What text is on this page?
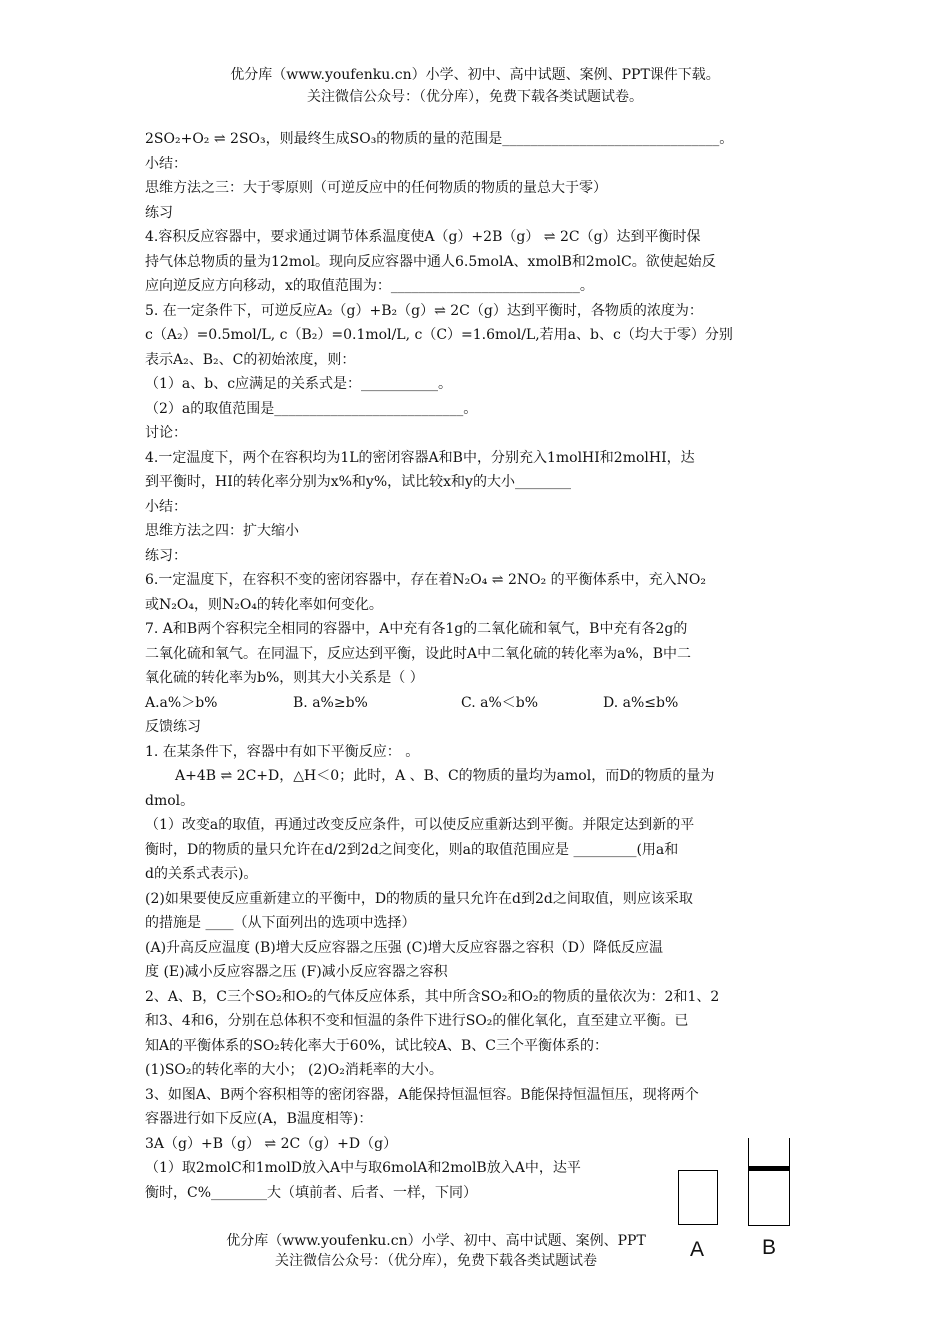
优分库（www.youfenku.cn）小学、初中、高中试题、案例、PPT课件下载。
关注微信公众号：（优分库），免费下载各类试题试卷。
2SO₂+O₂ ⇌ 2SO₃，则最终生成SO₃的物质的量的范围是_______________________________。
小结：
思维方法之三：大于零原则（可逆反应中的任何物质的物质的量总大于零）
练习
4.容积反应容器中，要求通过调节体系温度使A（g）+2B（g） ⇌ 2C（g）达到平衡时保
持气体总物质的量为12mol。现向反应容器中通人6.5molA、xmolB和2molC。欲使起始反
应向逆反应方向移动，x的取值范围为：___________________________。
5. 在一定条件下，可逆反应A₂（g）+B₂（g）⇌ 2C（g）达到平衡时，各物质的浓度为：
c（A₂）=0.5mol/L, c（B₂）=0.1mol/L, c（C）=1.6mol/L,若用a、b、c（均大于零）分别
表示A₂、B₂、C的初始浓度，则：
（1）a、b、c应满足的关系式是：___________。
（2）a的取值范围是___________________________。
讨论：
4.一定温度下，两个在容积均为1L的密闭容器A和B中，分别充入1molHI和2molHI，达
到平衡时，HI的转化率分别为x%和y%，试比较x和y的大小________
小结：
思维方法之四：扩大缩小
练习：
6.一定温度下，在容积不变的密闭容器中，存在着N₂O₄ ⇌ 2NO₂ 的平衡体系中，充入NO₂
或N₂O₄，则N₂O₄的转化率如何变化。
7. A和B两个容积完全相同的容器中，A中充有各1g的二氧化硫和氧气，B中充有各2g的
二氧化硫和氧气。在同温下，反应达到平衡，设此时A中二氧化硫的转化率为a%，B中二
氧化硫的转化率为b%，则其大小关系是（ ）
A.a%＞b%	B. a%≥b%	C. a%＜b%	D. a%≤b%
反馈练习
1. 在某条件下，容器中有如下平衡反应： 。
A+4B ⇌ 2C+D，△H＜0；此时，A 、B、C的物质的量均为amol，而D的物质的量为
dmol。
（1）改变a的取值，再通过改变反应条件，可以使反应重新达到平衡。并限定达到新的平
衡时，D的物质的量只允许在d/2到2d之间变化，则a的取值范围应是 _________(用a和
d的关系式表示)。
(2)如果要使反应重新建立的平衡中，D的物质的量只允许在d到2d之间取值，则应该采取
的措施是 ____（从下面列出的选项中选择）
(A)升高反应温度 (B)增大反应容器之压强 (C)增大反应容器之容积（D）降低反应温
度 (E)减小反应容器之压 (F)减小反应容器之容积
2、A、B，C三个SO₂和O₂的气体反应体系，其中所含SO₂和O₂的物质的量依次为：2和1、2
和3、4和6，分别在总体积不变和恒温的条件下进行SO₂的催化氧化，直至建立平衡。已
知A的平衡体系的SO₂转化率大于60%，试比较A、B、C三个平衡体系的：
(1)SO₂的转化率的大小； (2)O₂消耗率的大小。
3、如图A、B两个容积相等的密闭容器，A能保持恒温恒容。B能保持恒温恒压，现将两个
容器进行如下反应(A，B温度相等)：
3A（g）+B（g） ⇌ 2C（g）+D（g）
（1）取2molC和1molD放入A中与取6molA和2molB放入A中，达平
衡时，C%________大（填前者、后者、一样，下同）
优分库（www.youfenku.cn）小学、初中、高中试题、案例、PPT
关注微信公众号：（优分库），免费下载各类试题试卷	A	B
